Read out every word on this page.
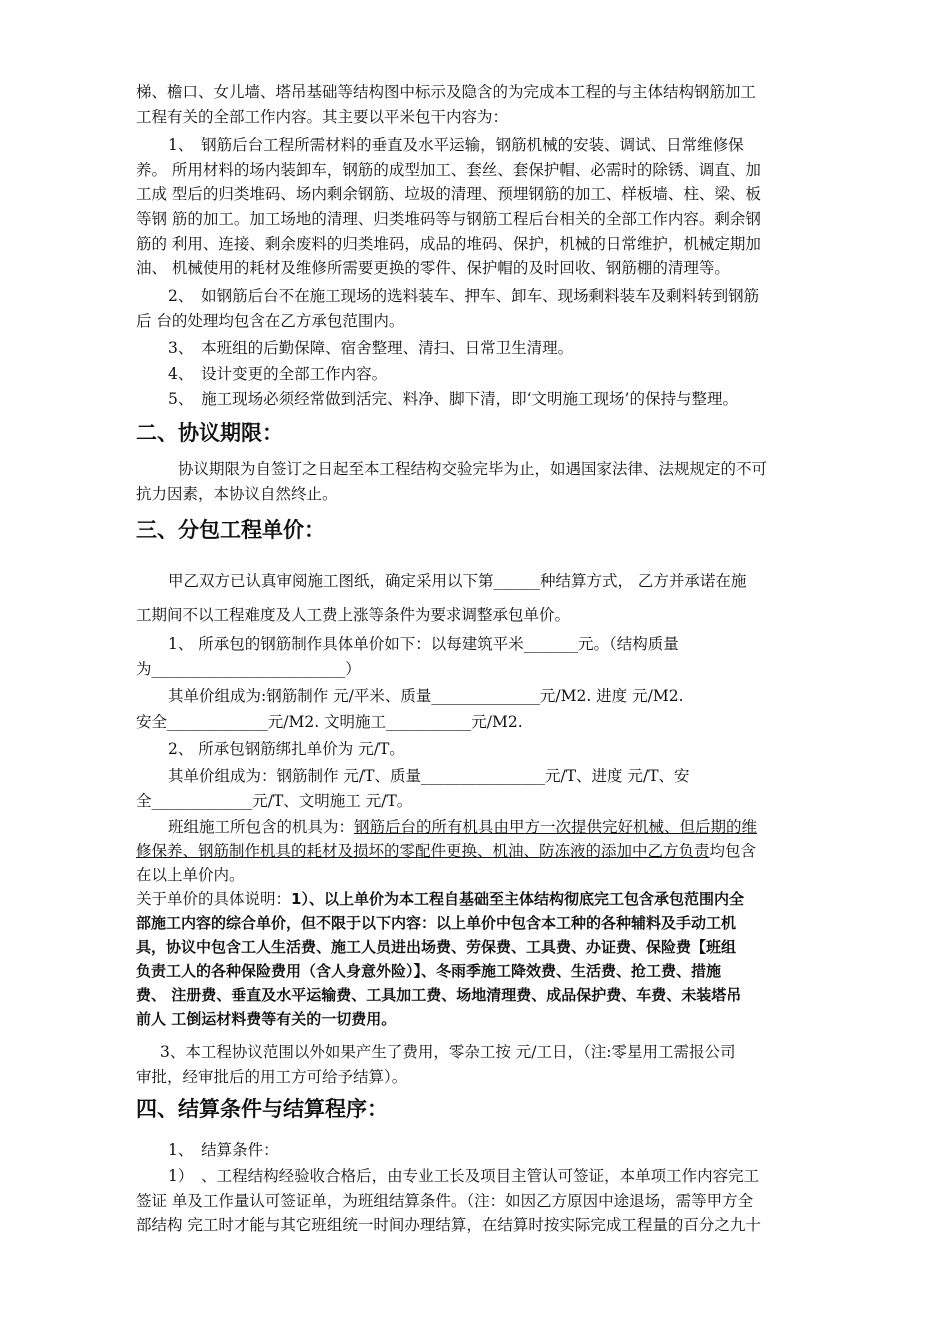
梯、檐口、女儿墙、塔吊基础等结构图中标示及隐含的为完成本工程的与主体结构钢筋加工
工程有关的全部工作内容。其主要以平米包干内容为：
1、　钢筋后台工程所需材料的垂直及水平运输，钢筋机械的安装、调试、日常维修保
养。 所用材料的场内装卸车，钢筋的成型加工、套丝、套保护帽、必需时的除锈、调直、加
工成 型后的归类堆码、场内剩余钢筋、垃圾的清理、预埋钢筋的加工、样板墙、柱、梁、板
等钢 筋的加工。加工场地的清理、归类堆码等与钢筋工程后台相关的全部工作内容。剩余钢
筋的 利用、连接、剩余废料的归类堆码，成品的堆码、保护，机械的日常维护，机械定期加
油、 机械使用的耗材及维修所需要更换的零件、保护帽的及时回收、钢筋棚的清理等。
2、　如钢筋后台不在施工现场的选料装车、押车、卸车、现场剩料装车及剩料转到钢筋
后 台的处理均包含在乙方承包范围内。
3、　本班组的后勤保障、宿舍整理、清扫、日常卫生清理。
4、　设计变更的全部工作内容。
5、　施工现场必须经常做到活完、料净、脚下清，即‘文明施工现场’的保持与整理。
二、协议期限：
协议期限为自签订之日起至本工程结构交验完毕为止，如遇国家法律、法规规定的不可
抗力因素，本协议自然终止。
三、分包工程单价：
甲乙双方已认真审阅施工图纸，确定采用以下第______种结算方式， 乙方并承诺在施
工期间不以工程难度及人工费上涨等条件为要求调整承包单价。
1、 所承包的钢筋制作具体单价如下：以每建筑平米_______元。（结构质量
为_________________________）
其单价组成为:钢筋制作 元/平米、质量______________元/M2. 进度 元/M2.
安全_____________元/M2. 文明施工___________元/M2.
2、 所承包钢筋绑扎单价为 元/T。
其单价组成为：钢筋制作 元/T、质量________________元/T、进度 元/T、安
全_____________元/T、文明施工 元/T。
班组施工所包含的机具为：钢筋后台的所有机具由甲方一次提供完好机械、但后期的维
修保养、钢筋制作机具的耗材及损坏的零配件更换、机油、防冻液的添加中乙方负责均包含
在以上单价内。
关于单价的具体说明：1）、以上单价为本工程自基础至主体结构彻底完工包含承包范围内全
部施工内容的综合单价，但不限于以下内容：以上单价中包含本工种的各种辅料及手动工机
具，协议中包含工人生活费、施工人员进出场费、劳保费、工具费、办证费、保险费【班组
负责工人的各种保险费用（含人身意外险）】、冬雨季施工降效费、生活费、抢工费、措施
费、 注册费、垂直及水平运输费、工具加工费、场地清理费、成品保护费、车费、未装塔吊
前人 工倒运材料费等有关的一切费用。
3、本工程协议范围以外如果产生了费用，零杂工按 元/工日，（注:零星用工需报公司
审批，经审批后的用工方可给予结算）。
四、结算条件与结算程序：
1、　结算条件：
1）　、工程结构经验收合格后，由专业工长及项目主管认可签证，本单项工作内容完工
签证 单及工作量认可签证单，为班组结算条件。（注：如因乙方原因中途退场，需等甲方全
部结构 完工时才能与其它班组统一时间办理结算，在结算时按实际完成工程量的百分之九十
